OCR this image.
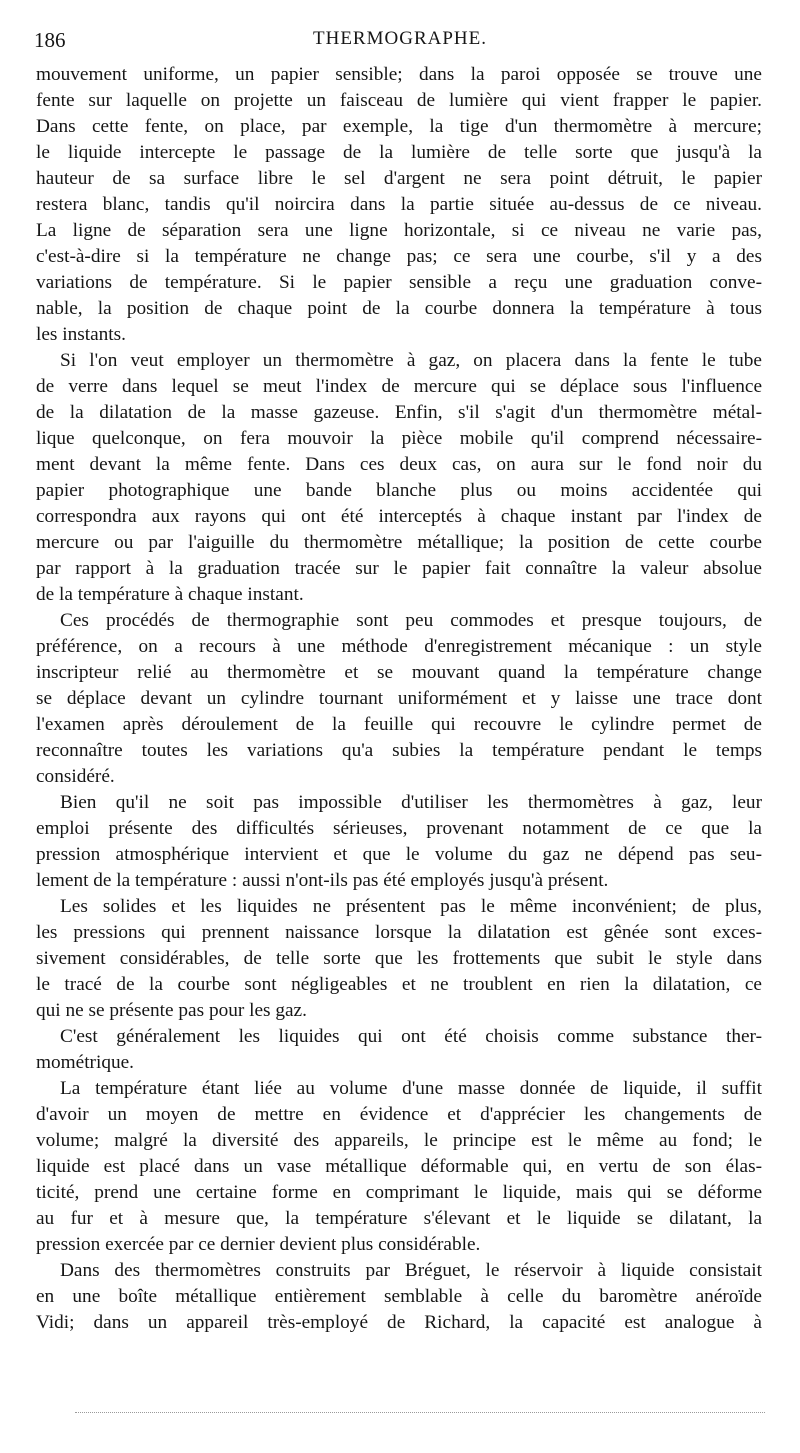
186	THERMOGRAPHE.
mouvement uniforme, un papier sensible; dans la paroi opposée se trouve une
fente sur laquelle on projette un faisceau de lumière qui vient frapper le papier.
Dans cette fente, on place, par exemple, la tige d'un thermomètre à mercure;
le liquide intercepte le passage de la lumière de telle sorte que jusqu'à la
hauteur de sa surface libre le sel d'argent ne sera point détruit, le papier
restera blanc, tandis qu'il noircira dans la partie située au-dessus de ce niveau.
La ligne de séparation sera une ligne horizontale, si ce niveau ne varie pas,
c'est-à-dire si la température ne change pas; ce sera une courbe, s'il y a des
variations de température. Si le papier sensible a reçu une graduation conve-
nable, la position de chaque point de la courbe donnera la température à tous
les instants.
Si l'on veut employer un thermomètre à gaz, on placera dans la fente le tube
de verre dans lequel se meut l'index de mercure qui se déplace sous l'influence
de la dilatation de la masse gazeuse. Enfin, s'il s'agit d'un thermomètre métal-
lique quelconque, on fera mouvoir la pièce mobile qu'il comprend nécessaire-
ment devant la même fente. Dans ces deux cas, on aura sur le fond noir du
papier photographique une bande blanche plus ou moins accidentée qui
correspondra aux rayons qui ont été interceptés à chaque instant par l'index de
mercure ou par l'aiguille du thermomètre métallique; la position de cette courbe
par rapport à la graduation tracée sur le papier fait connaître la valeur absolue
de la température à chaque instant.
Ces procédés de thermographie sont peu commodes et presque toujours, de
préférence, on a recours à une méthode d'enregistrement mécanique : un style
inscripteur relié au thermomètre et se mouvant quand la température change
se déplace devant un cylindre tournant uniformément et y laisse une trace dont
l'examen après déroulement de la feuille qui recouvre le cylindre permet de
reconnaître toutes les variations qu'a subies la température pendant le temps
considéré.
Bien qu'il ne soit pas impossible d'utiliser les thermomètres à gaz, leur
emploi présente des difficultés sérieuses, provenant notamment de ce que la
pression atmosphérique intervient et que le volume du gaz ne dépend pas seu-
lement de la température : aussi n'ont-ils pas été employés jusqu'à présent.
Les solides et les liquides ne présentent pas le même inconvénient; de plus,
les pressions qui prennent naissance lorsque la dilatation est gênée sont exces-
sivement considérables, de telle sorte que les frottements que subit le style dans
le tracé de la courbe sont négligeables et ne troublent en rien la dilatation, ce
qui ne se présente pas pour les gaz.
C'est généralement les liquides qui ont été choisis comme substance ther-
mométrique.
La température étant liée au volume d'une masse donnée de liquide, il suffit
d'avoir un moyen de mettre en évidence et d'apprécier les changements de
volume; malgré la diversité des appareils, le principe est le même au fond; le
liquide est placé dans un vase métallique déformable qui, en vertu de son élas-
ticité, prend une certaine forme en comprimant le liquide, mais qui se déforme
au fur et à mesure que, la température s'élevant et le liquide se dilatant, la
pression exercée par ce dernier devient plus considérable.
Dans des thermomètres construits par Bréguet, le réservoir à liquide consistait
en une boîte métallique entièrement semblable à celle du baromètre anéroïde
Vidi; dans un appareil très-employé de Richard, la capacité est analogue à
